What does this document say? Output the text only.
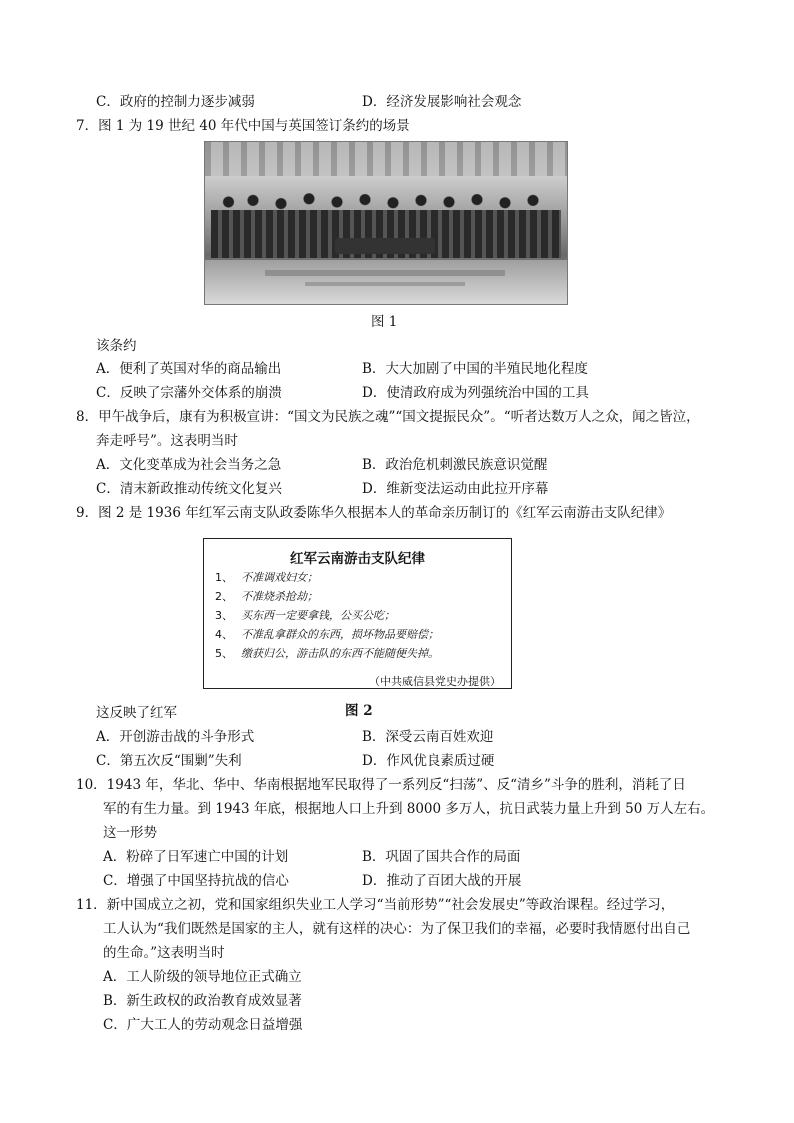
C．政府的控制力逐步减弱	D．经济发展影响社会观念
7．图 1 为 19 世纪 40 年代中国与英国签订条约的场景
图 1
该条约
A．便利了英国对华的商品输出	B．大大加剧了中国的半殖民地化程度
C．反映了宗藩外交体系的崩溃	D．使清政府成为列强统治中国的工具
8．甲午战争后，康有为积极宣讲：“国文为民族之魂”“国文提振民众”。“听者达数万人之众，闻之皆泣，
奔走呼号”。这表明当时
A．文化变革成为社会当务之急	B．政治危机刺激民族意识觉醒
C．清末新政推动传统文化复兴	D．维新变法运动由此拉开序幕
9．图 2 是 1936 年红军云南支队政委陈华久根据本人的革命亲历制订的《红军云南游击支队纪律》
红军云南游击支队纪律
1、 不准调戏妇女；
2、 不准烧杀抢劫；
3、 买东西一定要拿钱，公买公吃；
4、 不准乱拿群众的东西，损坏物品要赔偿；
5、 缴获归公，游击队的东西不能随便失掉。
（中共威信县党史办提供）
这反映了红军	图 2
A．开创游击战的斗争形式	B．深受云南百姓欢迎
C．第五次反“围剿”失利	D．作风优良素质过硬
10．1943 年，华北、华中、华南根据地军民取得了一系列反“扫荡”、反“清乡”斗争的胜利，消耗了日
军的有生力量。到 1943 年底，根据地人口上升到 8000 多万人，抗日武装力量上升到 50 万人左右。
这一形势
A．粉碎了日军速亡中国的计划	B．巩固了国共合作的局面
C．增强了中国坚持抗战的信心	D．推动了百团大战的开展
11．新中国成立之初，党和国家组织失业工人学习“当前形势”“社会发展史”等政治课程。经过学习，
工人认为“我们既然是国家的主人，就有这样的决心：为了保卫我们的幸福，必要时我情愿付出自己
的生命。”这表明当时
A．工人阶级的领导地位正式确立
B．新生政权的政治教育成效显著
C．广大工人的劳动观念日益增强
